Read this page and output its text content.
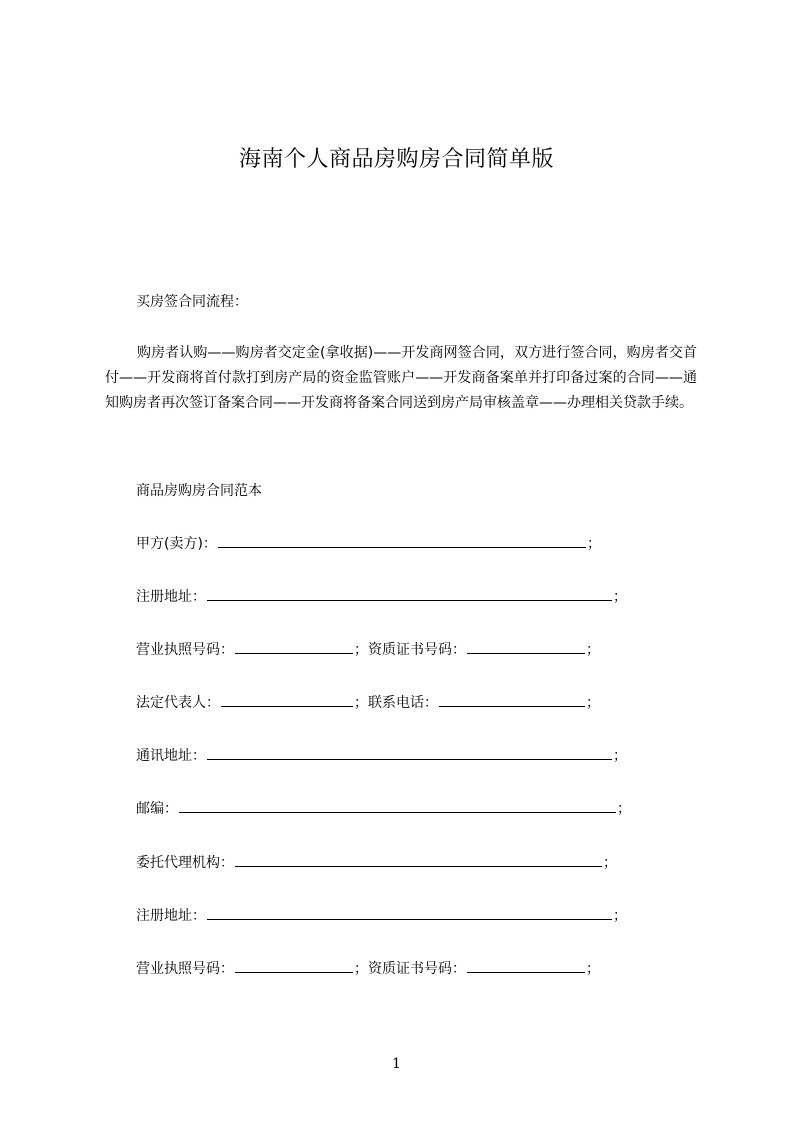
海南个人商品房购房合同简单版
买房签合同流程：
购房者认购——购房者交定金(拿收据)——开发商网签合同，双方进行签合同，购房者交首付——开发商将首付款打到房产局的资金监管账户——开发商备案单并打印备过案的合同——通知购房者再次签订备案合同——开发商将备案合同送到房产局审核盖章——办理相关贷款手续。
商品房购房合同范本
甲方(卖方)：	；
注册地址：	；
营业执照号码：	；资质证书号码：	；
法定代表人：	；联系电话：	；
通讯地址：	；
邮编：	；
委托代理机构：	；
注册地址：	；
营业执照号码：	；资质证书号码：	；
1
